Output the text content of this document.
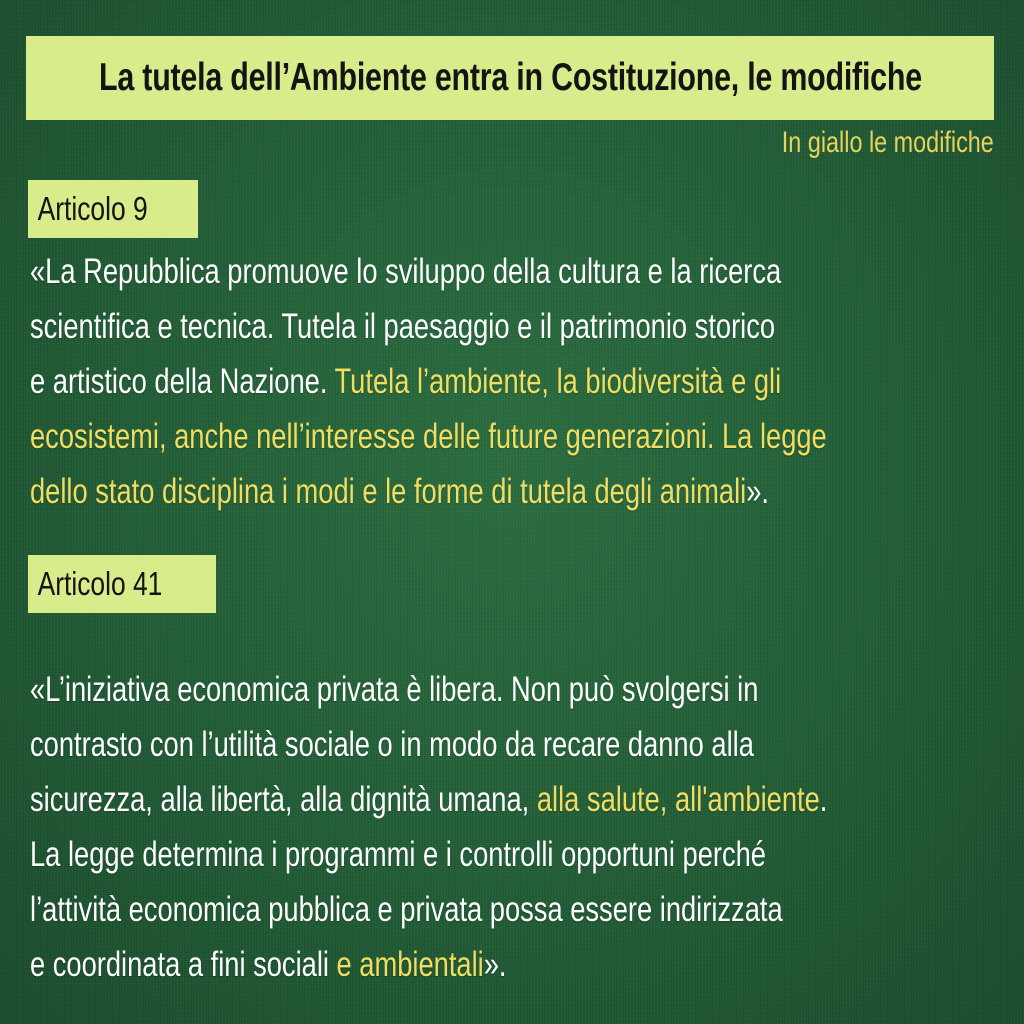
La tutela dell’Ambiente entra in Costituzione, le modifiche
In giallo le modifiche
Articolo 9
«La Repubblica promuove lo sviluppo della cultura e la ricerca
scientifica e tecnica. Tutela il paesaggio e il patrimonio storico
e artistico della Nazione. Tutela l’ambiente, la biodiversità e gli
ecosistemi, anche nell’interesse delle future generazioni. La legge
dello stato disciplina i modi e le forme di tutela degli animali».
Articolo 41
«L’iniziativa economica privata è libera. Non può svolgersi in
contrasto con l’utilità sociale o in modo da recare danno alla
sicurezza, alla libertà, alla dignità umana, alla salute, all'ambiente.
La legge determina i programmi e i controlli opportuni perché
l’attività economica pubblica e privata possa essere indirizzata
e coordinata a fini sociali e ambientali».
